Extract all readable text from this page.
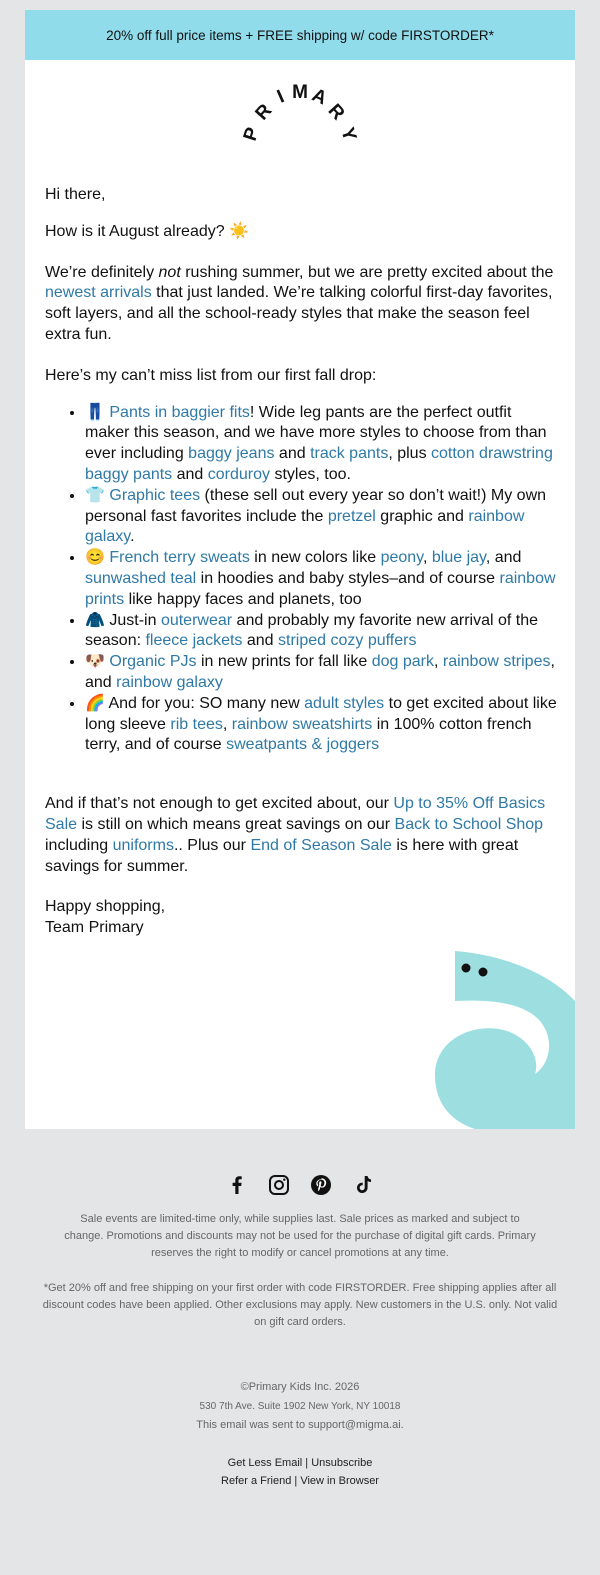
20% off full price items + FREE shipping w/ code FIRSTORDER*
P
R
I M A
R
Y

Hi there,

How is it August already? ☀️

We’re definitely not rushing summer, but we are pretty excited about the newest arrivals that just landed. We’re talking colorful first-day favorites, soft layers, and all the school-ready styles that make the season feel extra fun.

Here’s my can’t miss list from our first fall drop:

• 👖 Pants in baggier fits! Wide leg pants are the perfect outfit maker this season, and we have more styles to choose from than ever including baggy jeans and track pants, plus cotton drawstring baggy pants and corduroy styles, too.
• 👕 Graphic tees (these sell out every year so don’t wait!) My own personal fast favorites include the pretzel graphic and rainbow galaxy.
• 😊 French terry sweats in new colors like peony, blue jay, and sunwashed teal in hoodies and baby styles–and of course rainbow prints like happy faces and planets, too
• 🧥 Just-in outerwear and probably my favorite new arrival of the season: fleece jackets and striped cozy puffers
• 🐶 Organic PJs in new prints for fall like dog park, rainbow stripes, and rainbow galaxy
• 🌈 And for you: SO many new adult styles to get excited about like long sleeve rib tees, rainbow sweatshirts in 100% cotton french terry, and of course sweatpants & joggers

And if that’s not enough to get excited about, our Up to 35% Off Basics Sale is still on which means great savings on our Back to School Shop including uniforms.. Plus our End of Season Sale is here with great savings for summer.

Happy shopping,
Team Primary

Sale events are limited-time only, while supplies last. Sale prices as marked and subject to change. Promotions and discounts may not be used for the purchase of digital gift cards. Primary reserves the right to modify or cancel promotions at any time.
*Get 20% off and free shipping on your first order with code FIRSTORDER. Free shipping applies after all discount codes have been applied. Other exclusions may apply. New customers in the U.S. only. Not valid on gift card orders.
©Primary Kids Inc. 2026
530 7th Ave. Suite 1902 New York, NY 10018
This email was sent to support@migma.ai.
Get Less Email | Unsubscribe
Refer a Friend | View in Browser
